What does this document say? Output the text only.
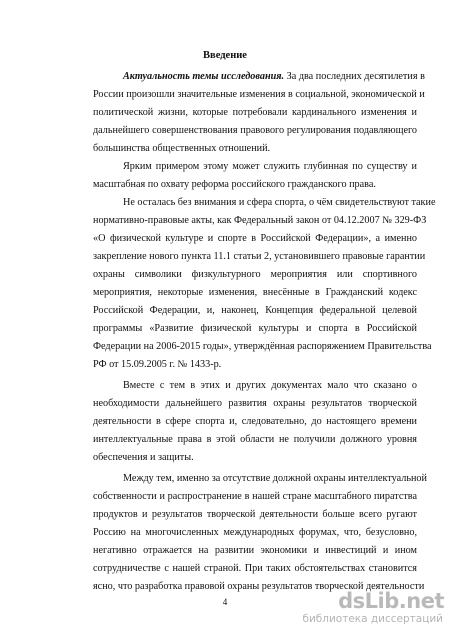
Введение
Актуальность темы исследования. За два последних десятилетия в
России произошли значительные изменения в социальной, экономической и
политической жизни, которые потребовали кардинального изменения и
дальнейшего совершенствования правового регулирования подавляющего
большинства общественных отношений.
Ярким примером этому может служить глубинная по существу и
масштабная по охвату реформа российского гражданского права.
Не осталась без внимания и сфера спорта, о чём свидетельствуют такие
нормативно-правовые акты, как Федеральный закон от 04.12.2007 № 329-ФЗ
«О физической культуре и спорте в Российской Федерации», а именно
закрепление нового пункта 11.1 статьи 2, установившего правовые гарантии
охраны символики физкультурного мероприятия или спортивного
мероприятия, некоторые изменения, внесённые в Гражданский кодекс
Российской Федерации, и, наконец, Концепция федеральной целевой
программы «Развитие физической культуры и спорта в Российской
Федерации на 2006-2015 годы», утверждённая распоряжением Правительства
РФ от 15.09.2005 г. № 1433-р.
Вместе с тем в этих и других документах мало что сказано о
необходимости дальнейшего развития охраны результатов творческой
деятельности в сфере спорта и, следовательно, до настоящего времени
интеллектуальные права в этой области не получили должного уровня
обеспечения и защиты.
Между тем, именно за отсутствие должной охраны интеллектуальной
собственности и распространение в нашей стране масштабного пиратства
продуктов и результатов творческой деятельности больше всего ругают
Россию на многочисленных международных форумах, что, безусловно,
негативно отражается на развитии экономики и инвестиций и ином
сотрудничестве с нашей страной. При таких обстоятельствах становится
ясно, что разработка правовой охраны результатов творческой деятельности
4	dsLib.net
библиотека диссертаций
